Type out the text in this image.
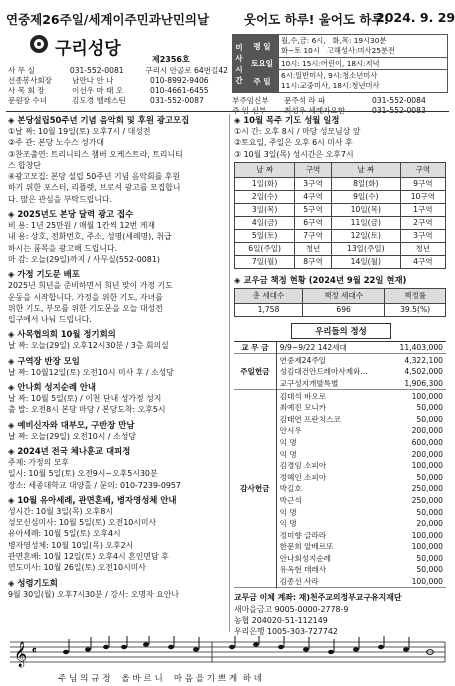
연중제26주일/세계이주민과난민의날	웃어도 하루! 울어도 하루!
2024. 9. 29
구리성당
제2356호
사 무 실	031-552-0081	구리시 안골로 64번길42
선종봉사회장	남만나 안 나	010-8992-9406
사 목 회 장	이선우 마 태 오	010-4661-6455
문원장 수녀	김도경 헬레스틴	031-552-0087
미사시간	평 일	월,수,금: 6시,   화,목: 19시30분
화~토 10시   고해성사:미사25분전

	토요일	10시: 15시:어린이, 18시:저녁
	주 일	6시:일반미사, 9시:청소년미사
11시:교중미사, 18시:청년미사

부주임신부	문주석 라 파	031-552-0084
주 임 신부	최성우 세례자요한	031-552-0083
◈ 본당설립50주년 기념 음악회 및 후원 광고모집
①날 짜: 10월 19일(토) 오후7시 / 대성전
②주 관: 본당 노수스 성가대
③찬조출연: 트리니티스 챔버 오케스트라, 트리니티
스 합창단
④광고모집: 본당 설립 50주년 기념 음악회를 후원
하기 위한 포스터, 리플렛, 브로셔 광고를 모집합니
다. 많은 관심을 부탁드립니다.
◈ 2025년도 본당 달력 광고 접수
비 용: 1년 25만원 / 매월 1칸씩 12번 게재
내 용: 상호, 전화번호, 주소, 성명(세례명), 취급
하시는 품목을 광고해 드립니다.
마 감: 오늘(29일)까지 / 사무실(552-0081)
◈ 가정 기도문 배포
2025년 희년을 준비하면서 희년 맞이 가정 기도
운동을 시작합니다. 가정을 위한 기도, 자녀를
위한 기도, 부모를 위한 기도문을 오늘 대성전
입구에서 나눠 드립니다.
◈ 사목협의회 10월 정기회의
날 짜: 오늘(29일) 오후12시30분 / 3층 회의실
◈ 구역장 반장 모임
날 짜: 10월12일(토) 오전10시 미사 후 / 소성당
◈ 안나회 성지순례 안내
날 짜: 10월 5일(토) / 이천 단내 성가정 성지
출 발: 오전8시 본당 마당 / 본당도착: 오후5시
◈ 예비신자와 대부모, 구반장 만남
날 짜: 오늘(29일) 오전10시 / 소성당
◈ 2024년 전국 체나훈교 대피정
주제: 가정의 모후
일시: 10월 5일(토) 오전9시~오후5시30분
장소: 세종대학교 대양홀 / 문의: 010-7239-0957
◈ 10월 유아세례, 관면혼배, 병자영성체 안내
성시간: 10월 3일(목) 오후8시
성모신심미사: 10월 5일(토) 오전10시미사
유아세례: 10월 5일(토) 오후4시
병자영성체: 10월 10일(목) 오후2시
관면혼배: 10월 12일(토) 오후4시 혼인면담 후
연도미사: 10월 26일(토) 오전10시미사
◈ 성령기도회
9월 30일(월) 오후7시30분 / 강사: 오명자 요안나
◈ 10월 목주 기도 성월 일정
①시 간: 오후 8시 / 마당 성모님상 앞
②토요일, 주일은 오후 6시 미사 후
③ 10월 3일(목) 성시간은 오후7시
날 짜	구역	날 짜	구역
1일(화)	3구역	8일(화)	9구역
2일(수)	4구역	9일(수)	10구역
3일(목)	5구역	10일(목)	1구역
4일(금)	6구역	11일(금)	2구역
5일(토)	7구역	12일(토)	3구역
6일(주일)	청년	13일(주일)	청년
7일(월)	8구역	14일(월)	4구역
◈ 교우금 책정 현황 (2024년 9월 22일 현재)
총 세대수	책정 세대수	책정률
1,758	696	39.5(%)
우리들의 정성
교 무 금	9/9~9/22 142세대	11,403,000
주일헌금	연중제24주일	4,322,100
	성김대건안드레아사제와…	4,502,000
	교구성지개발특별	1,906,300
감사헌금	김대석 바오로	100,000
	최예진 모니카	50,000
	김태연 프란치스코	50,000
	안시우	200,000
	익 명	600,000
	익 명	200,000
	김경임 소피아	100,000
	정혜인 소피아	50,000
	박길호	250,000
	박근석	250,000
	익 명	50,000
	익 명	20,000
	정미향 글라라	100,000
	한문희 알베르또	100,000
	안나회성지순례	50,000
	유옥현 데레사	50,000
	김종선 사라	100,000
교무금 이체 계좌: 재)천주교의정부교구유지재단
새마을금고 9005-0000-2778-9
농협 204020-51-112149
우리은행 1005-303-727742
𝄞 𝄴
주 님 의 규 정    올 바 르 니    마 음 을 기 쁘 게  하 네
